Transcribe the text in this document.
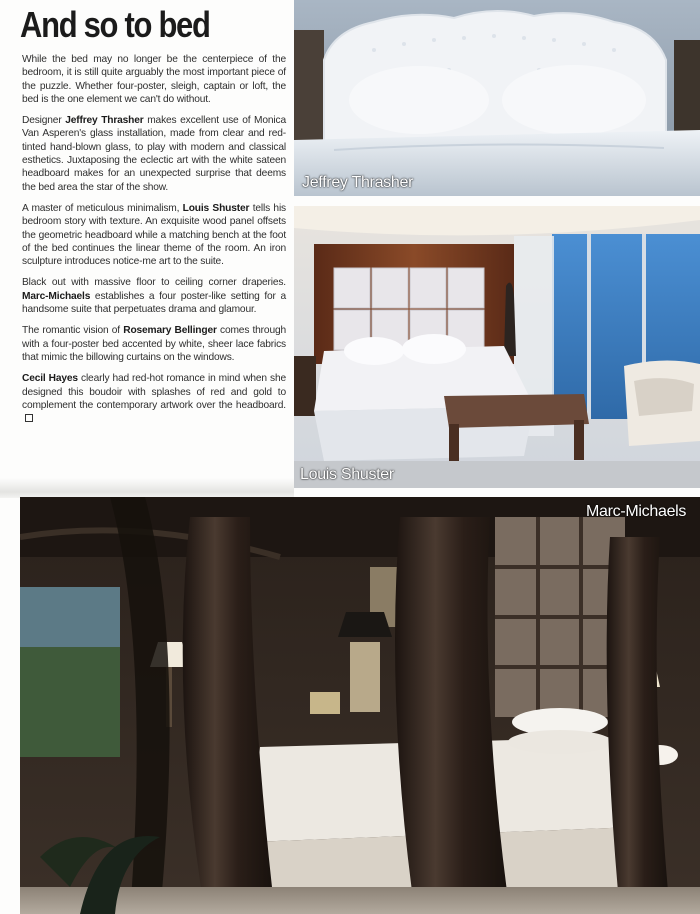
And so to bed

While the bed may no longer be the centerpiece of the bedroom, it is still quite arguably the most important piece of the puzzle. Whether four-poster, sleigh, captain or loft, the bed is the one element we can't do without.

Designer Jeffrey Thrasher makes excellent use of Monica Van Asperen's glass installation, made from clear and red-tinted hand-blown glass, to play with modern and classical esthetics. Juxtaposing the eclectic art with the white sateen headboard makes for an unexpected surprise that deems the bed area the star of the show.

A master of meticulous minimalism, Louis Shuster tells his bedroom story with texture. An exquisite wood panel offsets the geometric headboard while a matching bench at the foot of the bed continues the linear theme of the room. An iron sculpture introduces notice-me art to the suite.

Black out with massive floor to ceiling corner draperies. Marc-Michaels establishes a four poster-like setting for a handsome suite that perpetuates drama and glamour.

The romantic vision of Rosemary Bellinger comes through with a four-poster bed accented by white, sheer lace fabrics that mimic the billowing curtains on the windows.

Cecil Hayes clearly had red-hot romance in mind when she designed this boudoir with splashes of red and gold to complement the contemporary artwork over the headboard.

Jeffrey Thrasher
Louis Shuster
Marc-Michaels
